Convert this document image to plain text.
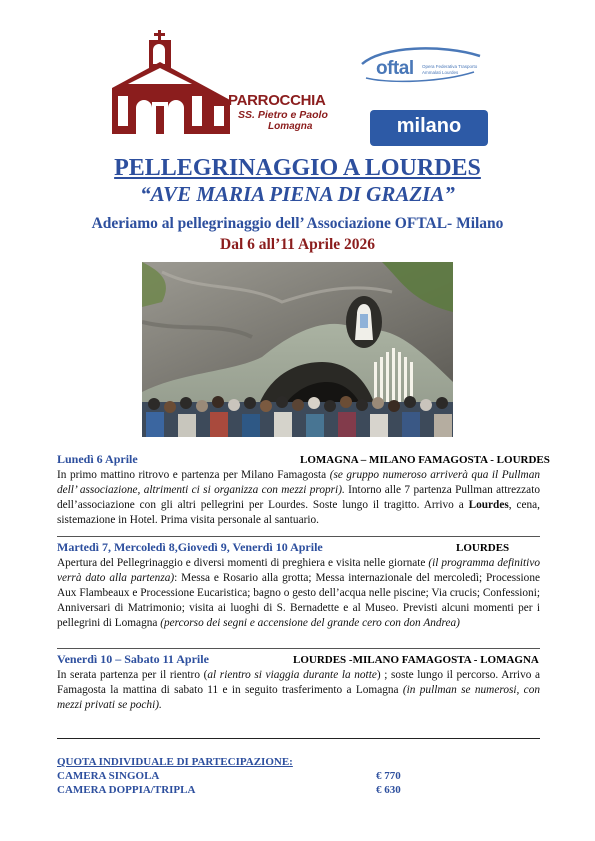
PARROCCHIA
SS. Pietro e Paolo
Lomagna
oftal Opera Federativa Trasporto Ammalati Lourdes
milano
PELLEGRINAGGIO A LOURDES
“AVE MARIA PIENA DI GRAZIA”
Aderiamo al pellegrinaggio dell’ Associazione OFTAL- Milano
Dal 6 all’11 Aprile 2026
Lunedì 6 Aprile	LOMAGNA – MILANO FAMAGOSTA - LOURDES
In primo mattino ritrovo e partenza per Milano Famagosta (se gruppo numeroso arriverà qua il Pullman dell’ associazione, altrimenti ci si organizza con mezzi propri). Intorno alle 7 partenza Pullman attrezzato dell’associazione con gli altri pellegrini per Lourdes. Soste lungo il tragitto. Arrivo a Lourdes, cena, sistemazione in Hotel. Prima visita personale al santuario.
Martedì 7, Mercoledì 8,Giovedì 9, Venerdì 10 Aprile	LOURDES
Apertura del Pellegrinaggio e diversi momenti di preghiera e visita nelle giornate (il programma definitivo verrà dato alla partenza): Messa e Rosario alla grotta; Messa internazionale del mercoledì; Processione Aux Flambeaux e Processione Eucaristica; bagno o gesto dell’acqua nelle piscine; Via crucis; Confessioni; Anniversari di Matrimonio; visita ai luoghi di S. Bernadette e al Museo. Previsti alcuni momenti per i pellegrini di Lomagna (percorso dei segni e accensione del grande cero con don Andrea)
Venerdì 10 – Sabato 11 Aprile	LOURDES -MILANO FAMAGOSTA - LOMAGNA
In serata partenza per il rientro (al rientro si viaggia durante la notte) ; soste lungo il percorso. Arrivo a Famagosta la mattina di sabato 11 e in seguito trasferimento a Lomagna (in pullman se numerosi, con mezzi privati se pochi).
QUOTA INDIVIDUALE DI PARTECIPAZIONE:
CAMERA SINGOLA	€ 770
CAMERA DOPPIA/TRIPLA	€ 630
